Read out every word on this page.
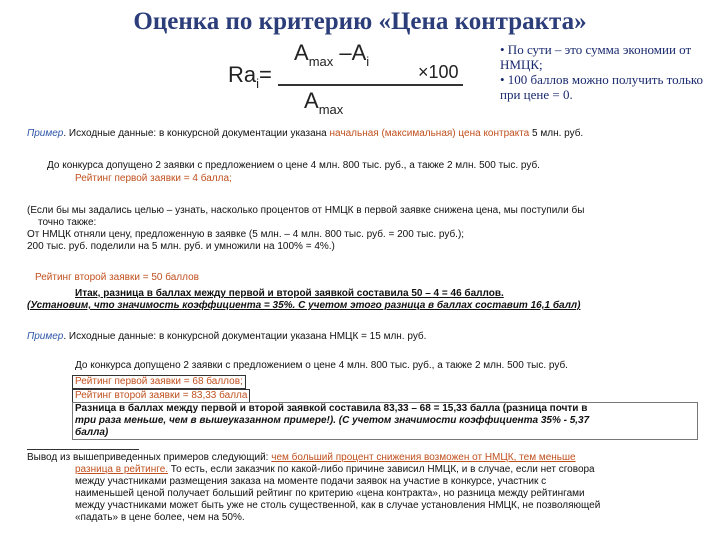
Оценка по критерию «Цена контракта»
$Ra_i=$
$A_{max}$ $-A_i$
$A_{max}$
×100
• По сути – это сумма экономии от НМЦК;
• 100 баллов можно получить только при цене = 0.
Пример. Исходные данные: в конкурсной документации указана начальная (максимальная) цена контракта 5 млн. руб.
До конкурса допущено 2 заявки с предложением о цене 4 млн. 800 тыс. руб., а также 2 млн. 500 тыс. руб.
Рейтинг первой заявки = 4 балла;
(Если бы мы задались целью – узнать, насколько процентов от НМЦК в первой заявке снижена цена, мы поступили бы
точно также:
От НМЦК отняли цену, предложенную в заявке (5 млн. – 4 млн. 800 тыс. руб. = 200 тыс. руб.);
200 тыс. руб. поделили на 5 млн. руб. и умножили на 100% = 4%.)
Рейтинг второй заявки = 50 баллов
Итак, разница в баллах между первой и второй заявкой составила 50 – 4 = 46 баллов.
(Установим, что значимость коэффициента = 35%. С учетом этого разница в баллах составит 16,1 балл)
Пример. Исходные данные: в конкурсной документации указана НМЦК = 15 млн. руб.
До конкурса допущено 2 заявки с предложением о цене 4 млн. 800 тыс. руб., а также 2 млн. 500 тыс. руб.
Рейтинг первой заявки = 68 баллов;
Рейтинг второй заявки = 83,33 балла
Разница в баллах между первой и второй заявкой составила 83,33 – 68 = 15,33 балла (разница почти в
три раза меньше, чем в вышеуказанном примере!). (С учетом значимости коэффициента 35% - 5,37
балла)
Вывод из вышеприведенных примеров следующий: чем больший процент снижения возможен от НМЦК, тем меньше
разница в рейтинге. То есть, если заказчик по какой-либо причине зависил НМЦК, и в случае, если нет сговора
между участниками размещения заказа на моменте подачи заявок на участие в конкурсе, участник с
наименьшей ценой получает больший рейтинг по критерию «цена контракта», но разница между рейтингами
между участниками может быть уже не столь существенной, как в случае установления НМЦК, не позволяющей
«падать» в цене более, чем на 50%.
